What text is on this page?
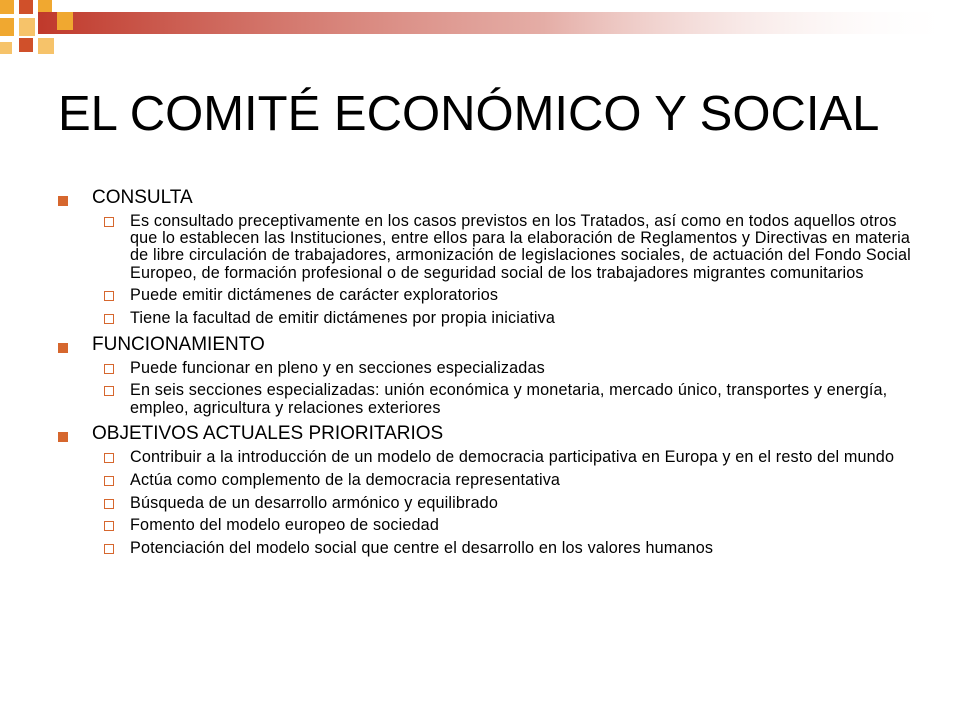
EL COMITÉ ECONÓMICO Y SOCIAL
CONSULTA
Es consultado preceptivamente en los casos previstos en los Tratados, así como en todos aquellos otros que lo establecen las Instituciones, entre ellos para la elaboración de Reglamentos y Directivas en materia de libre circulación de trabajadores, armonización de legislaciones sociales, de actuación del Fondo Social Europeo, de formación profesional o de seguridad social de los trabajadores migrantes comunitarios
Puede emitir dictámenes de carácter exploratorios
Tiene la facultad de emitir dictámenes por propia iniciativa
FUNCIONAMIENTO
Puede funcionar en pleno y en secciones especializadas
En seis secciones especializadas: unión económica y monetaria, mercado único, transportes y energía, empleo, agricultura y relaciones exteriores
OBJETIVOS ACTUALES PRIORITARIOS
Contribuir a la introducción de un modelo de democracia participativa en Europa y en el resto del mundo
Actúa como complemento de la democracia representativa
Búsqueda de un desarrollo armónico y equilibrado
Fomento del modelo europeo de sociedad
Potenciación del modelo social que centre el desarrollo en los valores humanos
